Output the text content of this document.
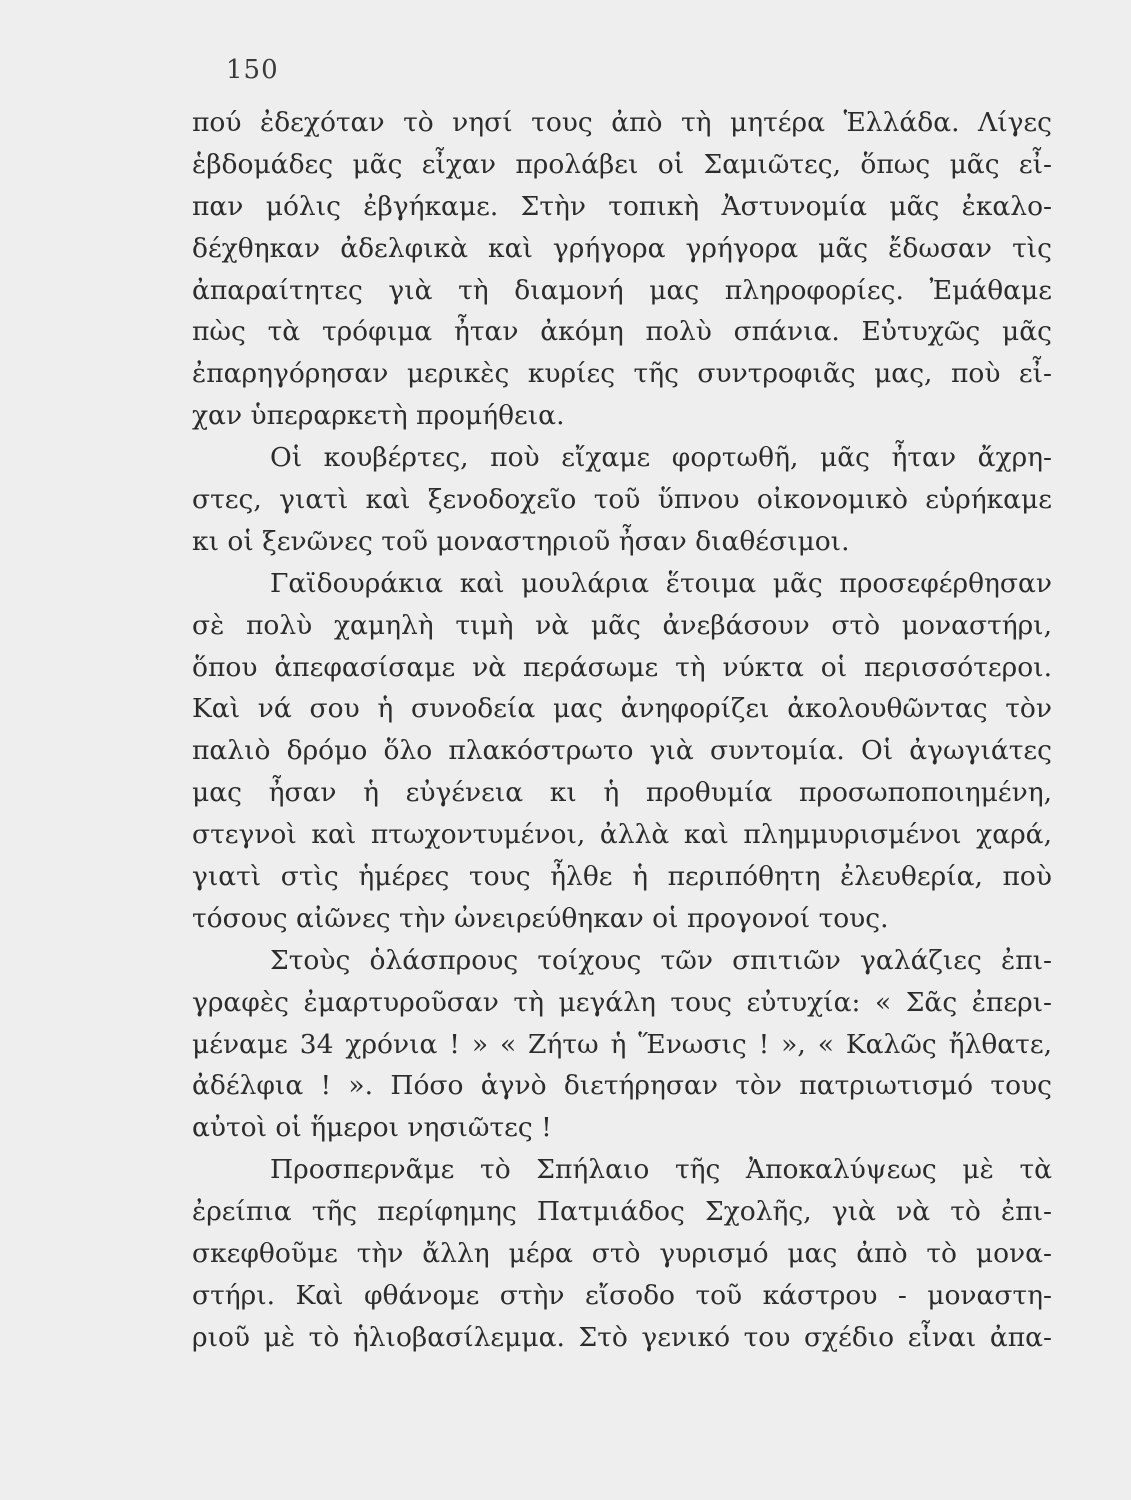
150
πού ἐδεχόταν τὸ νησί τους ἀπὸ τὴ μητέρα Ἑλλάδα. Λίγες
ἑβδομάδες μᾶς εἶχαν προλάβει οἱ Σαμιῶτες, ὅπως μᾶς εἶ-
παν μόλις ἐβγήκαμε. Στὴν τοπικὴ Ἀστυνομία μᾶς ἐκαλο-
δέχθηκαν ἀδελφικὰ καὶ γρήγορα γρήγορα μᾶς ἔδωσαν τὶς
ἀπαραίτητες γιὰ τὴ διαμονή μας πληροφορίες. Ἐμάθαμε
πὼς τὰ τρόφιμα ἦταν ἀκόμη πολὺ σπάνια. Εὐτυχῶς μᾶς
ἐπαρηγόρησαν μερικὲς κυρίες τῆς συντροφιᾶς μας, ποὺ εἶ-
χαν ὑπεραρκετὴ προμήθεια.
Οἱ κουβέρτες, ποὺ εἴχαμε φορτωθῆ, μᾶς ἦταν ἄχρη-
στες, γιατὶ καὶ ξενοδοχεῖο τοῦ ὕπνου οἰκονομικὸ εὑρήκαμε
κι οἱ ξενῶνες τοῦ μοναστηριοῦ ἦσαν διαθέσιμοι.
Γαϊδουράκια καὶ μουλάρια ἕτοιμα μᾶς προσεφέρθησαν
σὲ πολὺ χαμηλὴ τιμὴ νὰ μᾶς ἀνεβάσουν στὸ μοναστήρι,
ὅπου ἀπεφασίσαμε νὰ περάσωμε τὴ νύκτα οἱ περισσότεροι.
Καὶ νά σου ἡ συνοδεία μας ἀνηφορίζει ἀκολουθῶντας τὸν
παλιὸ δρόμο ὅλο πλακόστρωτο γιὰ συντομία. Οἱ ἀγωγιάτες
μας ἦσαν ἡ εὐγένεια κι ἡ προθυμία προσωποποιημένη,
στεγνοὶ καὶ πτωχοντυμένοι, ἀλλὰ καὶ πλημμυρισμένοι χαρά,
γιατὶ στὶς ἡμέρες τους ἦλθε ἡ περιπόθητη ἐλευθερία, ποὺ
τόσους αἰῶνες τὴν ὠνειρεύθηκαν οἱ προγονοί τους.
Στοὺς ὁλάσπρους τοίχους τῶν σπιτιῶν γαλάζιες ἐπι-
γραφὲς ἐμαρτυροῦσαν τὴ μεγάλη τους εὐτυχία: « Σᾶς ἐπερι-
μέναμε 34 χρόνια ! » « Ζήτω ἡ Ἕνωσις ! », « Καλῶς ἤλθατε,
ἀδέλφια ! ». Πόσο ἁγνὸ διετήρησαν τὸν πατριωτισμό τους
αὐτοὶ οἱ ἥμεροι νησιῶτες !
Προσπερνᾶμε τὸ Σπήλαιο τῆς Ἀποκαλύψεως μὲ τὰ
ἐρείπια τῆς περίφημης Πατμιάδος Σχολῆς, γιὰ νὰ τὸ ἐπι-
σκεφθοῦμε τὴν ἄλλη μέρα στὸ γυρισμό μας ἀπὸ τὸ μονα-
στήρι. Καὶ φθάνομε στὴν εἴσοδο τοῦ κάστρου - μοναστη-
ριοῦ μὲ τὸ ἡλιοβασίλεμμα. Στὸ γενικό του σχέδιο εἶναι ἀπα-
